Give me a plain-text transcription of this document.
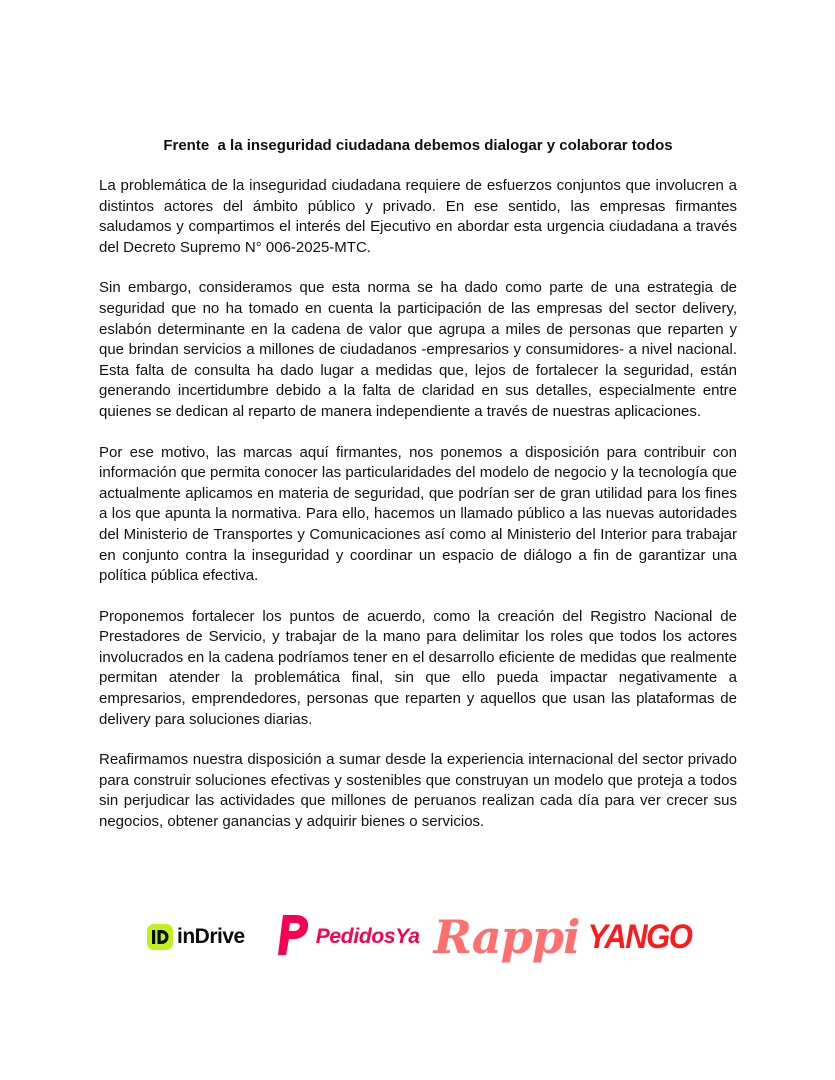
Frente  a la inseguridad ciudadana debemos dialogar y colaborar todos

La problemática de la inseguridad ciudadana requiere de esfuerzos conjuntos que involucren a distintos actores del ámbito público y privado. En ese sentido, las empresas firmantes saludamos y compartimos el interés del Ejecutivo en abordar esta urgencia ciudadana a través del Decreto Supremo N° 006-2025-MTC.

Sin embargo, consideramos que esta norma se ha dado como parte de una estrategia de seguridad que no ha tomado en cuenta la participación de las empresas del sector delivery, eslabón determinante en la cadena de valor que agrupa a miles de personas que reparten y que brindan servicios a millones de ciudadanos -empresarios y consumidores- a nivel nacional. Esta falta de consulta ha dado lugar a medidas que, lejos de fortalecer la seguridad, están generando incertidumbre debido a la falta de claridad en sus detalles, especialmente entre quienes se dedican al reparto de manera independiente a través de nuestras aplicaciones.

Por ese motivo, las marcas aquí firmantes, nos ponemos a disposición para contribuir con información que permita conocer las particularidades del modelo de negocio y la tecnología que actualmente aplicamos en materia de seguridad, que podrían ser de gran utilidad para los fines a los que apunta la normativa. Para ello, hacemos un llamado público a las nuevas autoridades del Ministerio de Transportes y Comunicaciones así como al Ministerio del Interior para trabajar en conjunto contra la inseguridad y coordinar un espacio de diálogo a fin de garantizar una política pública efectiva.

Proponemos fortalecer los puntos de acuerdo, como la creación del Registro Nacional de Prestadores de Servicio, y trabajar de la mano para delimitar los roles que todos los actores involucrados en la cadena podríamos tener en el desarrollo eficiente de medidas que realmente permitan atender la problemática final, sin que ello pueda impactar negativamente a empresarios, emprendedores, personas que reparten y aquellos que usan las plataformas de delivery para soluciones diarias.

Reafirmamos nuestra disposición a sumar desde la experiencia internacional del sector privado para construir soluciones efectivas y sostenibles que construyan un modelo que proteja a todos sin perjudicar las actividades que millones de peruanos realizan cada día para ver crecer sus negocios, obtener ganancias y adquirir bienes o servicios.

inDrive	PedidosYa Rappi YANGO
